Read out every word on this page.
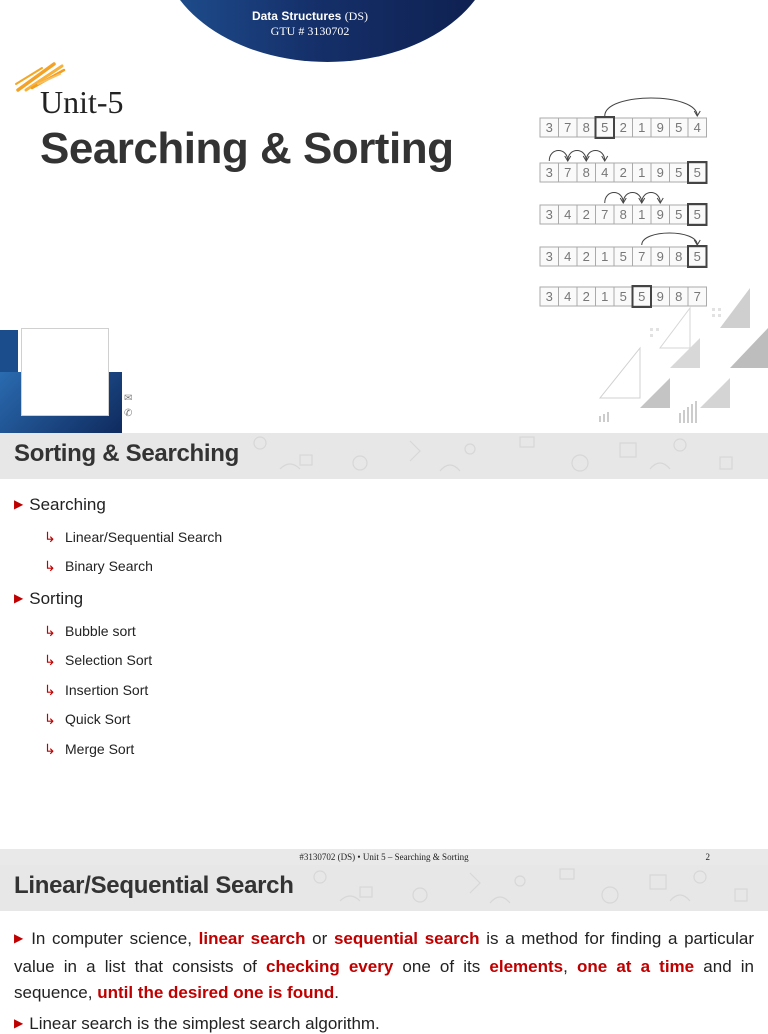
Data Structures (DS)
GTU # 3130702
Unit-5
Searching & Sorting	3 7 8 5 2 1 9 5 4
3 7 8 4 2 1 9 5 5
3 4 2 7 8 1 9 5 5
3 4 2 1 5 7 9 8 5
3 4 2 1 5 5 9 8 7
✉
✆
Sorting & Searching
▶ Searching
↳ Linear/Sequential Search
↳ Binary Search
▶ Sorting
↳ Bubble sort
↳ Selection Sort
↳ Insertion Sort
↳ Quick Sort
↳ Merge Sort
#3130702 (DS) • Unit 5 – Searching & Sorting	2
Linear/Sequential Search
▶ In computer science, linear search or sequential search is a method for finding a particular value in a list that consists of checking every one of its elements, one at a time and in sequence, until the desired one is found.
▶ Linear search is the simplest search algorithm.
